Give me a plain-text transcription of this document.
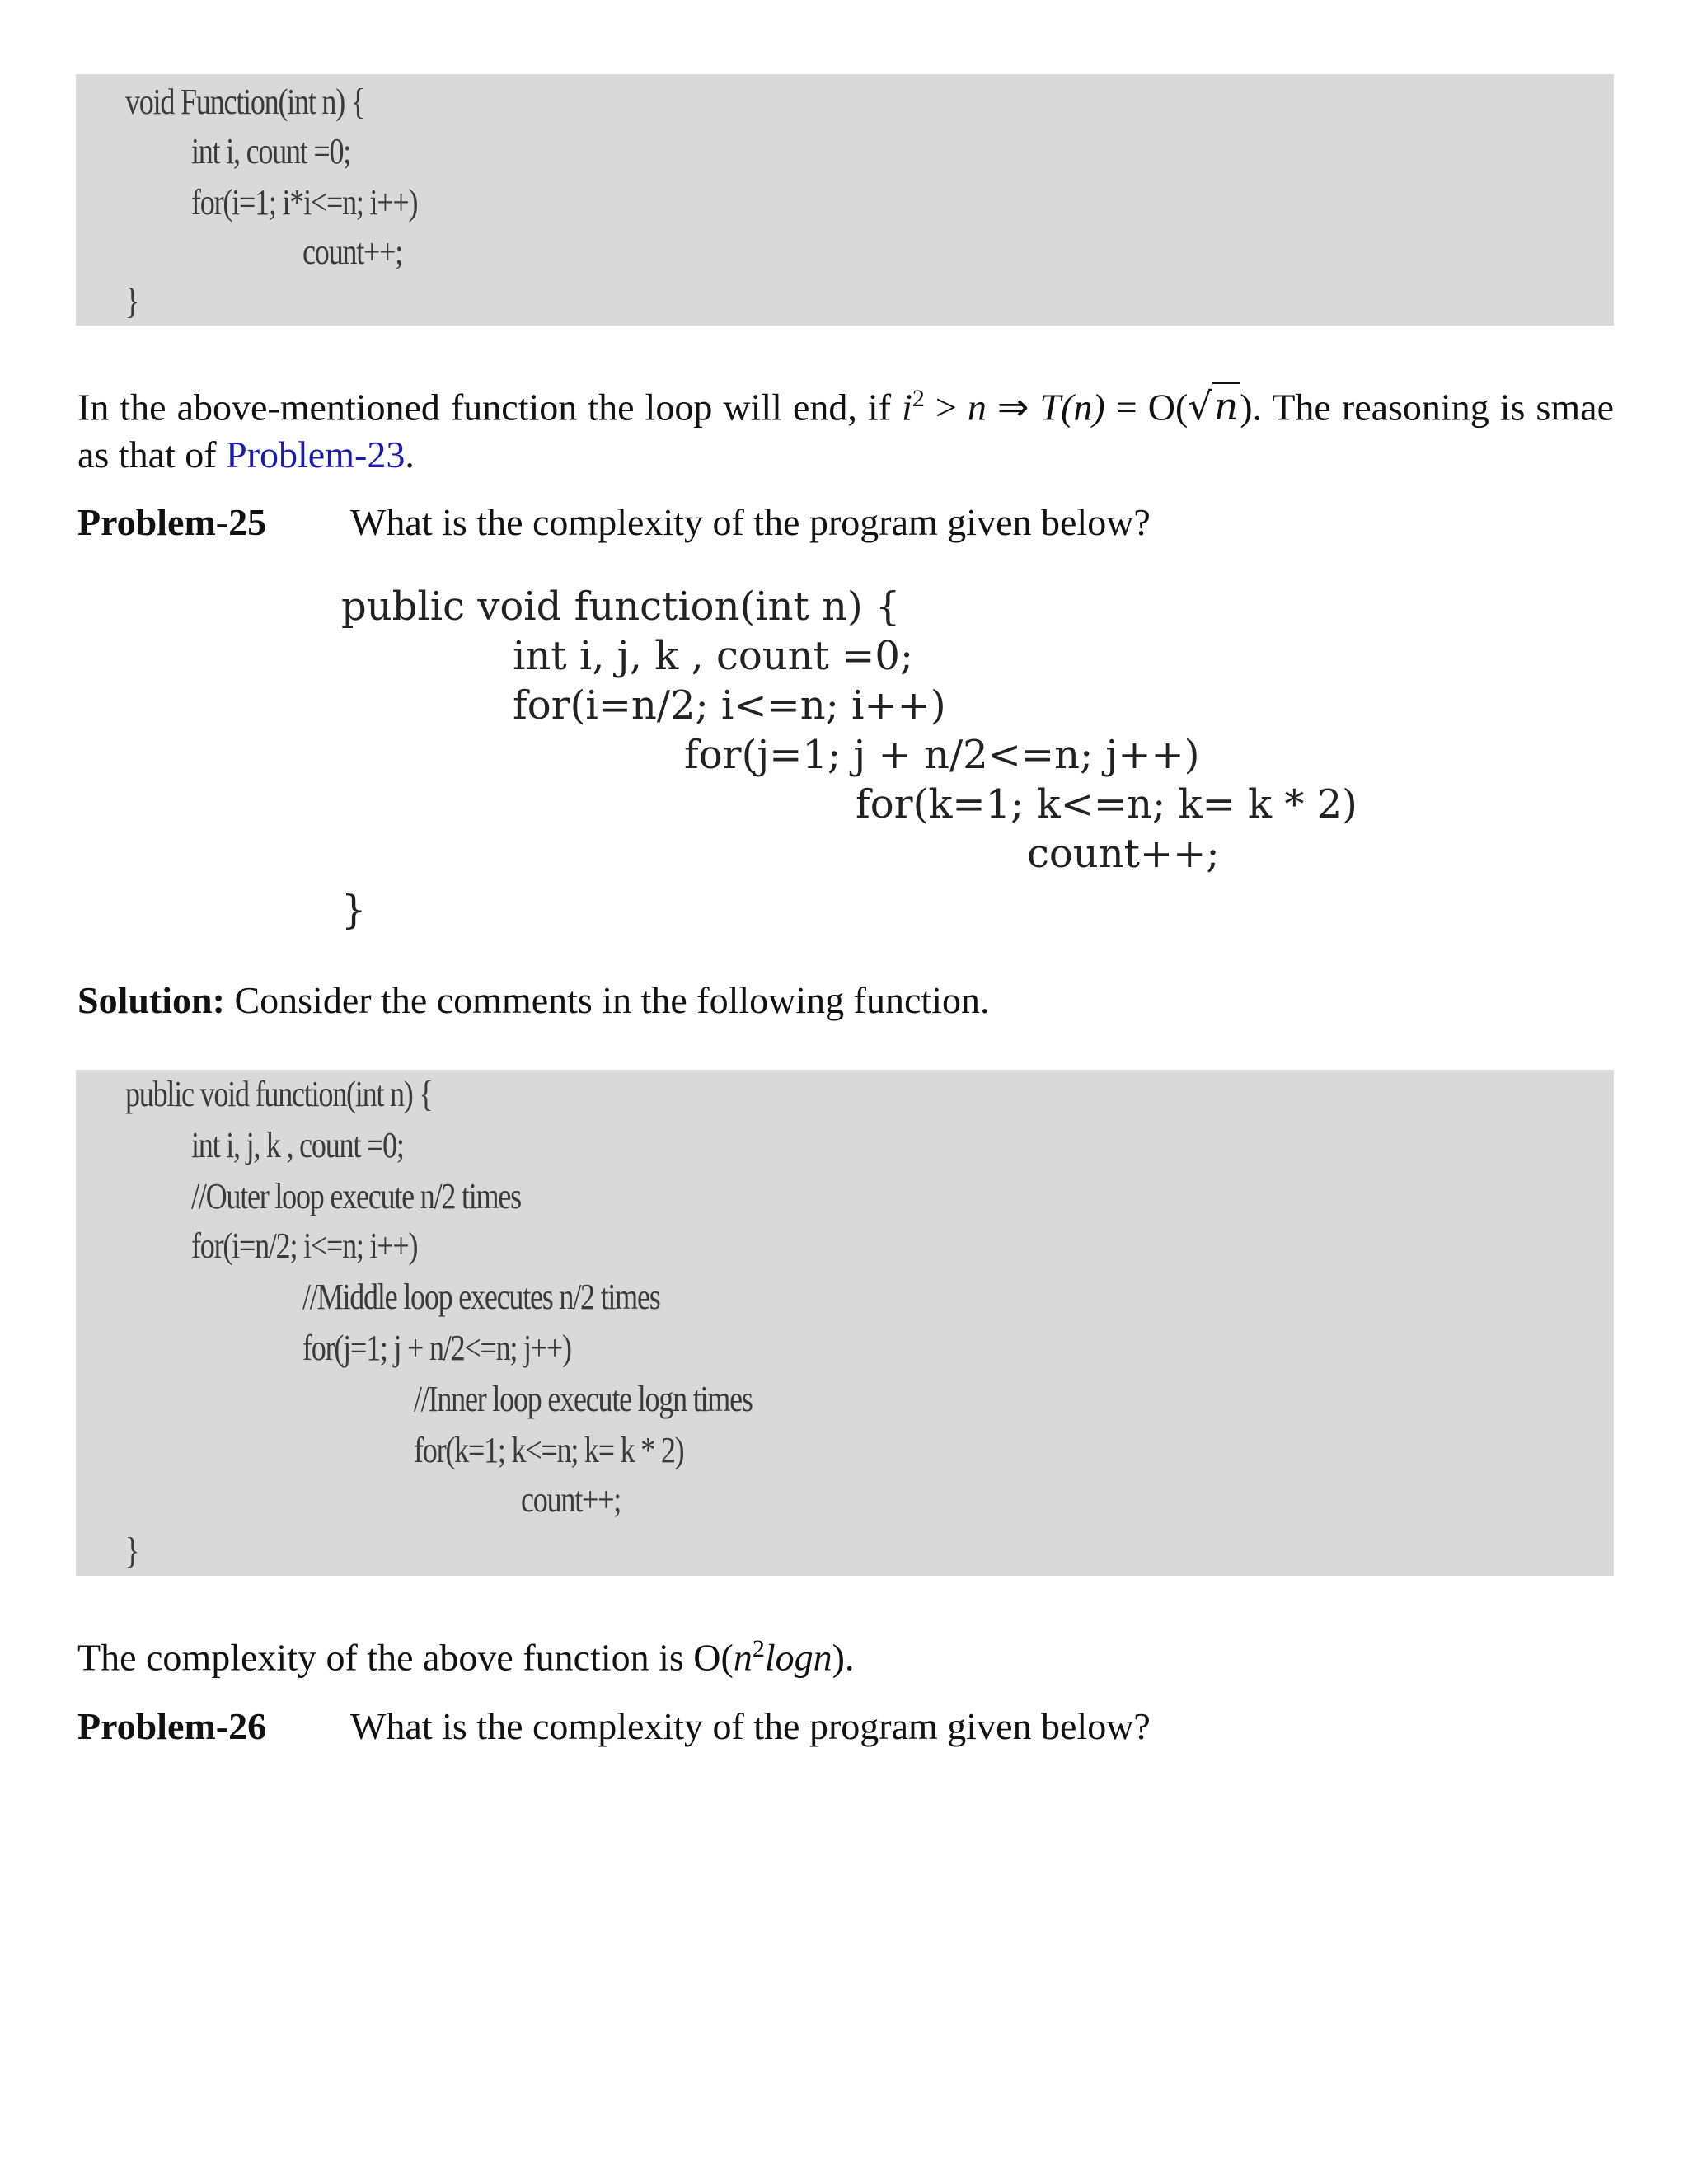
void Function(int n) {
int i, count =0;
for(i=1; i*i<=n; i++)
count++;
}
In the above-mentioned function the loop will end, if $i^2 > n$ ⇒ T(n) = O(√n). The reasoning is smae as that of Problem-23.
Problem-25 What is the complexity of the program given below?
public void function(int n) {
int i, j, k , count =0;
for(i=n/2; i<=n; i++)
for(j=1; j + n/2<=n; j++)
for(k=1; k<=n; k= k * 2)
count++;
}
Solution: Consider the comments in the following function.
public void function(int n) {
int i, j, k , count =0;
//Outer loop execute n/2 times
for(i=n/2; i<=n; i++)
//Middle loop executes n/2 times
for(j=1; j + n/2<=n; j++)
//Inner loop execute logn times
for(k=1; k<=n; k= k * 2)
count++;
}
The complexity of the above function is $O(n^2\log n)$.
Problem-26 What is the complexity of the program given below?
